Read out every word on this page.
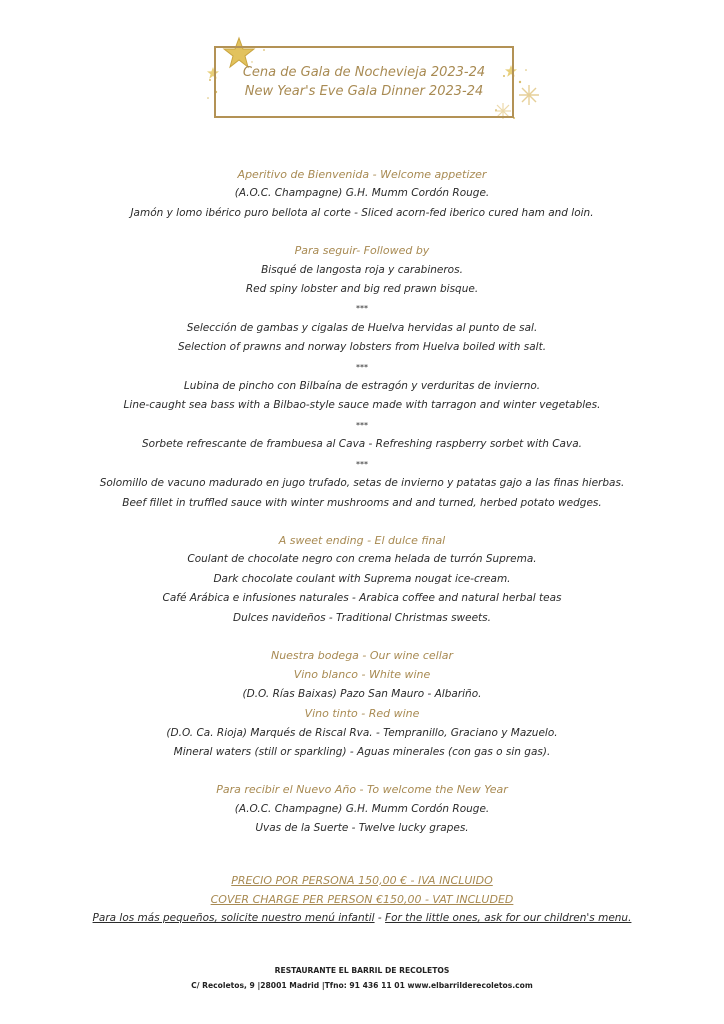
Cena de Gala de Nochevieja 2023-24
New Year's Eve Gala Dinner 2023-24
Aperitivo de Bienvenida - Welcome appetizer
(A.O.C. Champagne) G.H. Mumm Cordón Rouge.
Jamón y lomo ibérico puro bellota al corte - Sliced acorn-fed iberico cured ham and loin.
Para seguir- Followed by
Bisqué de langosta roja y carabineros.
Red spiny lobster and big red prawn bisque.
***
Selección de gambas y cigalas de Huelva hervidas al punto de sal.
Selection of prawns and norway lobsters from Huelva boiled with salt.
***
Lubina de pincho con Bilbaína de estragón y verduritas de invierno.
Line-caught sea bass with a Bilbao-style sauce made with tarragon and winter vegetables.
***
Sorbete refrescante de frambuesa al Cava - Refreshing raspberry sorbet with Cava.
***
Solomillo de vacuno madurado en jugo trufado, setas de invierno y patatas gajo a las finas hierbas.
Beef fillet in truffled sauce with winter mushrooms and and turned, herbed potato wedges.
A sweet ending - El dulce final
Coulant de chocolate negro con crema helada de turrón Suprema.
Dark chocolate coulant with Suprema nougat ice-cream.
Café Arábica e infusiones naturales - Arabica coffee and natural herbal teas
Dulces navideños - Traditional Christmas sweets.
Nuestra bodega - Our wine cellar
Vino blanco - White wine
(D.O. Rías Baixas) Pazo San Mauro - Albariño.
Vino tinto - Red wine
(D.O. Ca. Rioja) Marqués de Riscal Rva. - Tempranillo, Graciano y Mazuelo.
Mineral waters (still or sparkling) - Aguas minerales (con gas o sin gas).
Para recibir el Nuevo Año - To welcome the New Year
(A.O.C. Champagne) G.H. Mumm Cordón Rouge.
Uvas de la Suerte - Twelve lucky grapes.
PRECIO POR PERSONA 150,00 € - IVA INCLUIDO
COVER CHARGE PER PERSON €150,00 - VAT INCLUDED
Para los más pequeños, solicite nuestro menú infantil - For the little ones, ask for our children's menu.
RESTAURANTE EL BARRIL DE RECOLETOS
C/ Recoletos, 9 |28001 Madrid |Tfno: 91 436 11 01 www.elbarrilderecoletos.com
